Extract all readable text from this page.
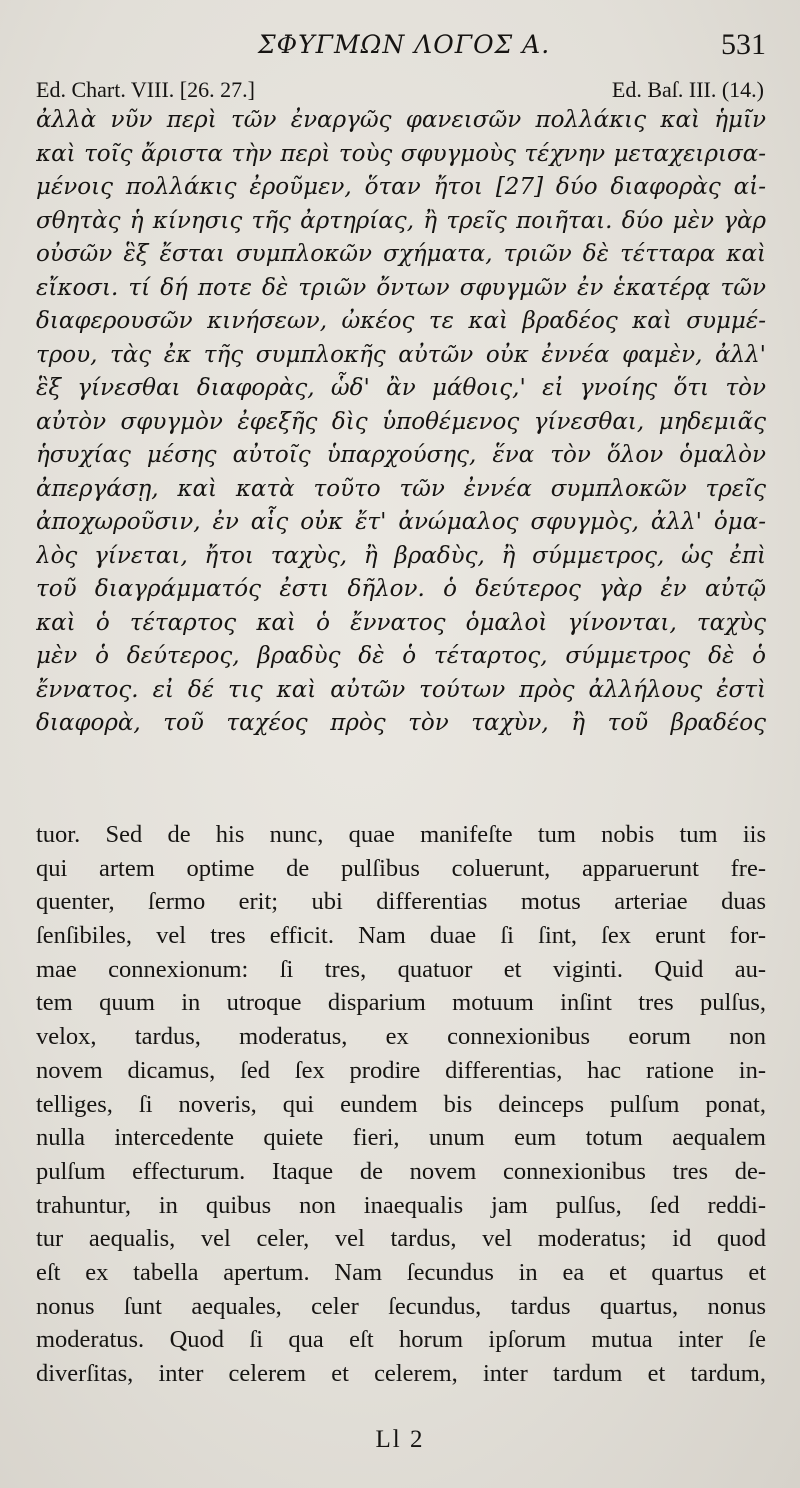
ΣΦΥΓΜΩΝ ΛΟΓΟΣ Α.	531
Ed. Chart. VIII. [26. 27.]	Ed. Baſ. III. (14.)
ἀλλὰ νῦν περὶ τῶν ἐναργῶς φανεισῶν πολλάκις καὶ ἡμῖν
καὶ τοῖς ἄριστα τὴν περὶ τοὺς σφυγμοὺς τέχνην μεταχειρισα-
μένοις πολλάκις ἐροῦμεν, ὅταν ἤτοι [27] δύο διαφορὰς αἰ-
σθητὰς ἡ κίνησις τῆς ἀρτηρίας, ἢ τρεῖς ποιῆται. δύο μὲν γὰρ
οὐσῶν ἓξ ἔσται συμπλοκῶν σχήματα, τριῶν δὲ τέτταρα καὶ
εἴκοσι. τί δή ποτε δὲ τριῶν ὄντων σφυγμῶν ἐν ἑκατέρᾳ τῶν
διαφερουσῶν κινήσεων, ὠκέος τε καὶ βραδέος καὶ συμμέ-
τρου, τὰς ἐκ τῆς συμπλοκῆς αὐτῶν οὐκ ἐννέα φαμὲν, ἀλλ'
ἓξ γίνεσθαι διαφορὰς, ὧδ' ἂν μάθοις,' εἰ γνοίης ὅτι τὸν
αὐτὸν σφυγμὸν ἐφεξῆς δὶς ὑποθέμενος γίνεσθαι, μηδεμιᾶς
ἡσυχίας μέσης αὐτοῖς ὑπαρχούσης, ἕνα τὸν ὅλον ὁμαλὸν
ἀπεργάσῃ, καὶ κατὰ τοῦτο τῶν ἐννέα συμπλοκῶν τρεῖς
ἀποχωροῦσιν, ἐν αἷς οὐκ ἔτ' ἀνώμαλος σφυγμὸς, ἀλλ' ὁμα-
λὸς γίνεται, ἤτοι ταχὺς, ἢ βραδὺς, ἢ σύμμετρος, ὡς ἐπὶ
τοῦ διαγράμματός ἐστι δῆλον. ὁ δεύτερος γὰρ ἐν αὐτῷ
καὶ ὁ τέταρτος καὶ ὁ ἔννατος ὁμαλοὶ γίνονται, ταχὺς
μὲν ὁ δεύτερος, βραδὺς δὲ ὁ τέταρτος, σύμμετρος δὲ ὁ
ἔννατος. εἰ δέ τις καὶ αὐτῶν τούτων πρὸς ἀλλήλους ἐστὶ
διαφορὰ, τοῦ ταχέος πρὸς τὸν ταχὺν, ἢ τοῦ βραδέος
tuor. Sed de his nunc, quae manifeſte tum nobis tum iis
qui artem optime de pulſibus coluerunt, apparuerunt fre-
quenter, ſermo erit; ubi differentias motus arteriae duas
ſenſibiles, vel tres efficit. Nam duae ſi ſint, ſex erunt for-
mae connexionum: ſi tres, quatuor et viginti. Quid au-
tem quum in utroque disparium motuum inſint tres pulſus,
velox, tardus, moderatus, ex connexionibus eorum non
novem dicamus, ſed ſex prodire differentias, hac ratione in-
telliges, ſi noveris, qui eundem bis deinceps pulſum ponat,
nulla intercedente quiete fieri, unum eum totum aequalem
pulſum effecturum. Itaque de novem connexionibus tres de-
trahuntur, in quibus non inaequalis jam pulſus, ſed reddi-
tur aequalis, vel celer, vel tardus, vel moderatus; id quod
eſt ex tabella apertum. Nam ſecundus in ea et quartus et
nonus ſunt aequales, celer ſecundus, tardus quartus, nonus
moderatus. Quod ſi qua eſt horum ipſorum mutua inter ſe
diverſitas, inter celerem et celerem, inter tardum et tardum,
Ll 2
